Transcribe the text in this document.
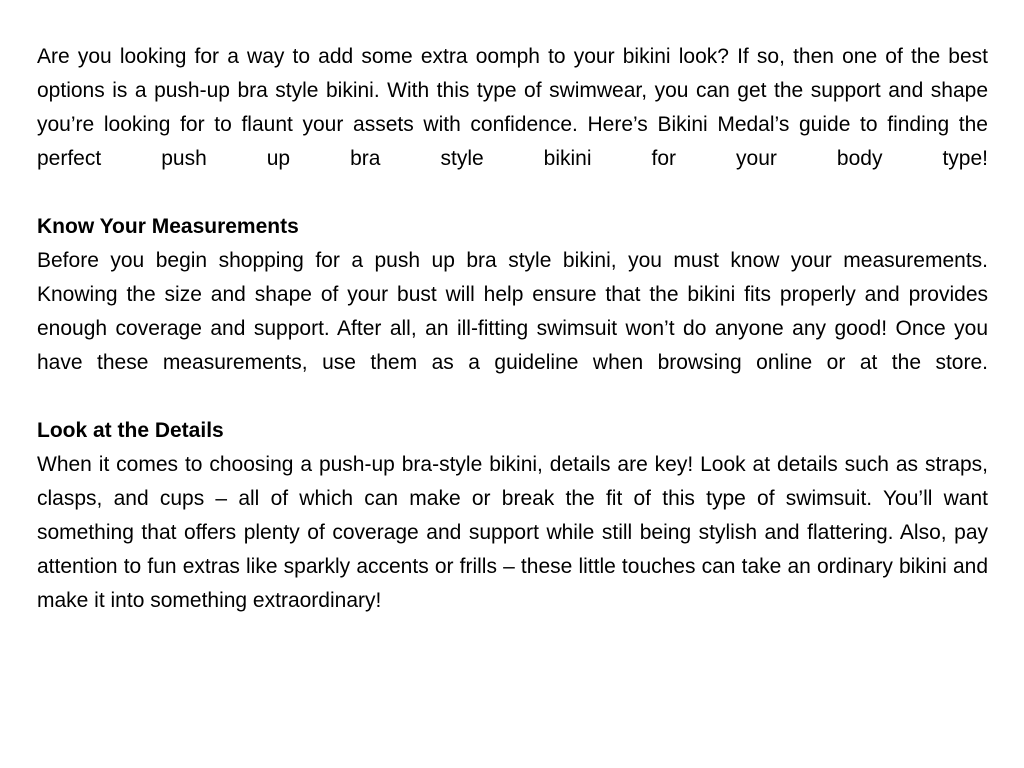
Are you looking for a way to add some extra oomph to your bikini look? If so, then one of the best options is a push-up bra style bikini. With this type of swimwear, you can get the support and shape you’re looking for to flaunt your assets with confidence. Here’s Bikini Medal’s guide to finding the perfect push up bra style bikini for your body type!

Know Your Measurements

Before you begin shopping for a push up bra style bikini, you must know your measurements. Knowing the size and shape of your bust will help ensure that the bikini fits properly and provides enough coverage and support. After all, an ill-fitting swimsuit won’t do anyone any good! Once you have these measurements, use them as a guideline when browsing online or at the store.

Look at the Details

When it comes to choosing a push-up bra-style bikini, details are key! Look at details such as straps, clasps, and cups – all of which can make or break the fit of this type of swimsuit. You’ll want something that offers plenty of coverage and support while still being stylish and flattering. Also, pay attention to fun extras like sparkly accents or frills – these little touches can take an ordinary bikini and make it into something extraordinary!
